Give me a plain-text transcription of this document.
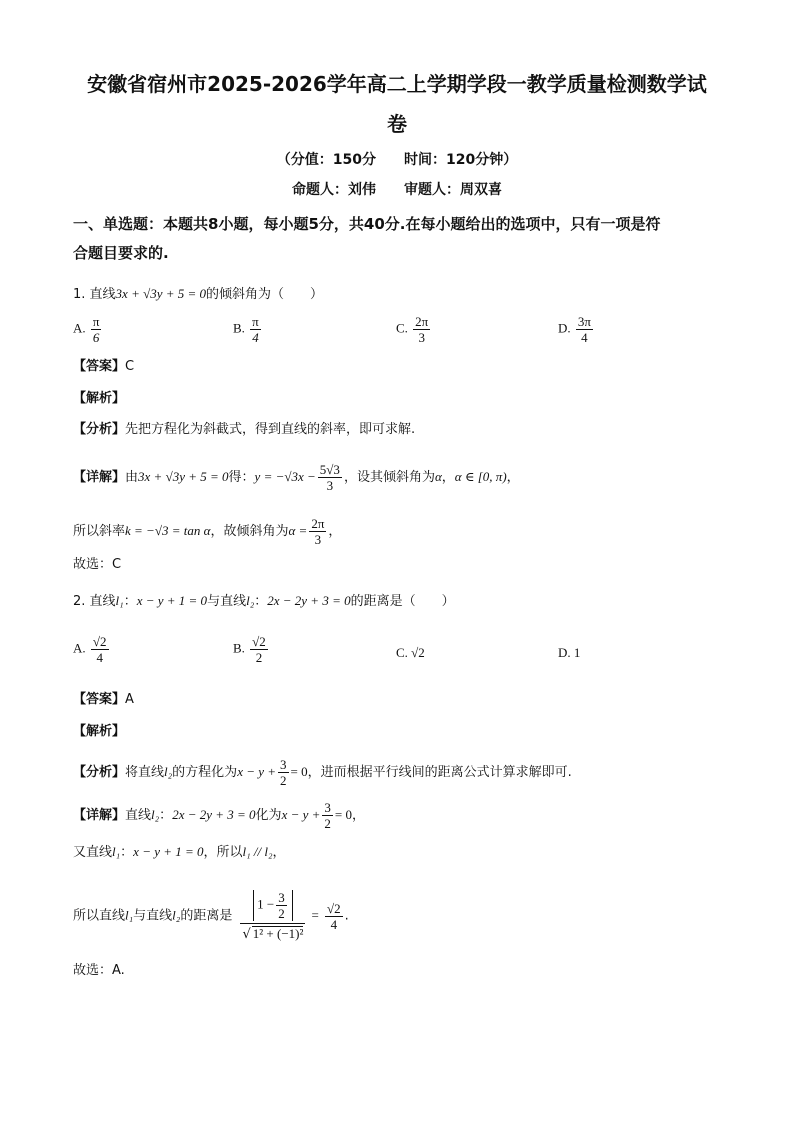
安徽省宿州市2025-2026学年高二上学期学段一教学质量检测数学试
卷
（分值：150分　　时间：120分钟）
命题人：刘伟　　审题人：周双喜
一、单选题：本题共8小题，每小题5分，共40分.在每小题给出的选项中，只有一项是符
合题目要求的.
1. 直线3x + √3y + 5 = 0的倾斜角为（　　）
A. $\frac{\pi}{6}$	B. $\frac{\pi}{4}$	C. $\frac{2\pi}{3}$	D. $\frac{3\pi}{4}$
【答案】C
【解析】
【分析】先把方程化为斜截式，得到直线的斜率，即可求解.
【详解】由3x + √3y + 5 = 0得：$y = -√3x - \frac{5√3}{3}$ ，设其倾斜角为α，α ∈ [0, π)，
所以斜率k = −√3 = tan α，故倾斜角为$\alpha = \frac{2\pi}{3}$ ，
故选：C
2. 直线l₁：x − y + 1 = 0与直线l₂：2x − 2y + 3 = 0的距离是（　　）
A. $\frac{√2}{4}$	B. $\frac{√2}{2}$	C. √2	D. 1
【答案】A
【解析】
【分析】将直线l₂的方程化为$x - y + \frac{3}{2} = 0$，进而根据平行线间的距离公式计算求解即可.
【详解】直线l₂：2x − 2y + 3 = 0化为$x - y + \frac{3}{2} = 0$，
又直线l₁：x − y + 1 = 0，所以l₁ // l₂，
所以直线l₁与直线l₂的距离是 $\frac{1 - \frac{3}{2}}{\text{√ 1² + (−1)²}} = \frac{√2}{4}$ .
故选：A.
